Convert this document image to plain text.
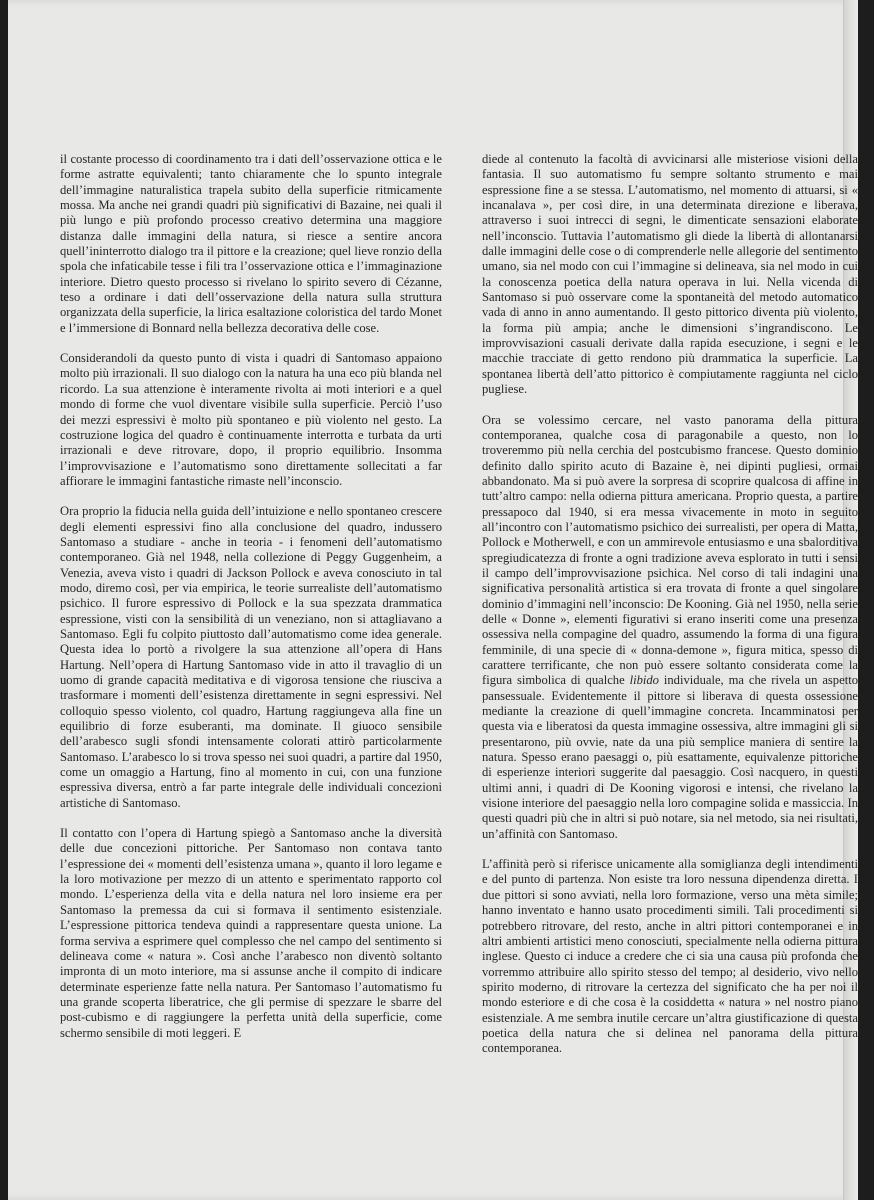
il costante processo di coordinamento tra i dati dell’osservazione ottica e le forme astratte equivalenti; tanto chiaramente che lo spunto integrale dell’immagine naturalistica trapela subito della superficie ritmicamente mossa. Ma anche nei grandi quadri più significativi di Bazaine, nei quali il più lungo e più profondo processo creativo determina una maggiore distanza dalle immagini della natura, si riesce a sentire ancora quell’ininterrotto dialogo tra il pittore e la creazione; quel lieve ronzio della spola che infaticabile tesse i fili tra l’osservazione ottica e l’immaginazione interiore. Dietro questo processo si rivelano lo spirito severo di Cézanne, teso a ordinare i dati dell’osservazione della natura sulla struttura organizzata della superficie, la lirica esaltazione coloristica del tardo Monet e l’immersione di Bonnard nella bellezza decorativa delle cose.

Considerandoli da questo punto di vista i quadri di Santomaso appaiono molto più irrazionali. Il suo dialogo con la natura ha una eco più blanda nel ricordo. La sua attenzione è interamente rivolta ai moti interiori e a quel mondo di forme che vuol diventare visibile sulla superficie. Perciò l’uso dei mezzi espressivi è molto più spontaneo e più violento nel gesto. La costruzione logica del quadro è continuamente interrotta e turbata da urti irrazionali e deve ritrovare, dopo, il proprio equilibrio. Insomma l’improvvisazione e l’automatismo sono direttamente sollecitati a far affiorare le immagini fantastiche rimaste nell’inconscio.

Ora proprio la fiducia nella guida dell’intuizione e nello spontaneo crescere degli elementi espressivi fino alla conclusione del quadro, indussero Santomaso a studiare - anche in teoria - i fenomeni dell’automatismo contemporaneo. Già nel 1948, nella collezione di Peggy Guggenheim, a Venezia, aveva visto i quadri di Jackson Pollock e aveva conosciuto in tal modo, diremo così, per via empirica, le teorie surrealiste dell’automatismo psichico. Il furore espressivo di Pollock e la sua spezzata drammatica espressione, visti con la sensibilità di un veneziano, non si attagliavano a Santomaso. Egli fu colpito piuttosto dall’automatismo come idea generale. Questa idea lo portò a rivolgere la sua attenzione all’opera di Hans Hartung. Nell’opera di Hartung Santomaso vide in atto il travaglio di un uomo di grande capacità meditativa e di vigorosa tensione che riusciva a trasformare i momenti dell’esistenza direttamente in segni espressivi. Nel colloquio spesso violento, col quadro, Hartung raggiungeva alla fine un equilibrio di forze esuberanti, ma dominate. Il giuoco sensibile dell’arabesco sugli sfondi intensamente colorati attirò particolarmente Santomaso. L’arabesco lo si trova spesso nei suoi quadri, a partire dal 1950, come un omaggio a Hartung, fino al momento in cui, con una funzione espressiva diversa, entrò a far parte integrale delle individuali concezioni artistiche di Santomaso.

Il contatto con l’opera di Hartung spiegò a Santomaso anche la diversità delle due concezioni pittoriche. Per Santomaso non contava tanto l’espressione dei « momenti dell’esistenza umana », quanto il loro legame e la loro motivazione per mezzo di un attento e sperimentato rapporto col mondo. L’esperienza della vita e della natura nel loro insieme era per Santomaso la premessa da cui si formava il sentimento esistenziale. L’espressione pittorica tendeva quindi a rappresentare questa unione. La forma serviva a esprimere quel complesso che nel campo del sentimento si delineava come « natura ». Così anche l’arabesco non diventò soltanto impronta di un moto interiore, ma si assunse anche il compito di indicare determinate esperienze fatte nella natura. Per Santomaso l’automatismo fu una grande scoperta liberatrice, che gli permise di spezzare le sbarre del post-cubismo e di raggiungere la perfetta unità della superficie, come schermo sensibile di moti leggeri. E

diede al contenuto la facoltà di avvicinarsi alle misteriose visioni della fantasia. Il suo automatismo fu sempre soltanto strumento e mai espressione fine a se stessa. L’automatismo, nel momento di attuarsi, si « incanalava », per così dire, in una determinata direzione e liberava, attraverso i suoi intrecci di segni, le dimenticate sensazioni elaborate nell’inconscio. Tuttavia l’automatismo gli diede la libertà di allontanarsi dalle immagini delle cose o di comprenderle nelle allegorie del sentimento umano, sia nel modo con cui l’immagine si delineava, sia nel modo in cui la conoscenza poetica della natura operava in lui. Nella vicenda di Santomaso si può osservare come la spontaneità del metodo automatico vada di anno in anno aumentando. Il gesto pittorico diventa più violento, la forma più ampia; anche le dimensioni s’ingrandiscono. Le improvvisazioni casuali derivate dalla rapida esecuzione, i segni e le macchie tracciate di getto rendono più drammatica la superficie. La spontanea libertà dell’atto pittorico è compiutamente raggiunta nel ciclo pugliese.

Ora se volessimo cercare, nel vasto panorama della pittura contemporanea, qualche cosa di paragonabile a questo, non lo troveremmo più nella cerchia del postcubismo francese. Questo dominio definito dallo spirito acuto di Bazaine è, nei dipinti pugliesi, ormai abbandonato. Ma si può avere la sorpresa di scoprire qualcosa di affine in tutt’altro campo: nella odierna pittura americana. Proprio questa, a partire pressapoco dal 1940, si era messa vivacemente in moto in seguito all’incontro con l’automatismo psichico dei surrealisti, per opera di Matta, Pollock e Motherwell, e con un ammirevole entusiasmo e una sbalorditiva spregiudicatezza di fronte a ogni tradizione aveva esplorato in tutti i sensi il campo dell’improvvisazione psichica. Nel corso di tali indagini una significativa personalità artistica si era trovata di fronte a quel singolare dominio d’immagini nell’inconscio: De Kooning. Già nel 1950, nella serie delle « Donne », elementi figurativi si erano inseriti come una presenza ossessiva nella compagine del quadro, assumendo la forma di una figura femminile, di una specie di « donna-demone », figura mitica, spesso di carattere terrificante, che non può essere soltanto considerata come la figura simbolica di qualche libido individuale, ma che rivela un aspetto pansessuale. Evidentemente il pittore si liberava di questa ossessione mediante la creazione di quell’immagine concreta. Incamminatosi per questa via e liberatosi da questa immagine ossessiva, altre immagini gli si presentarono, più ovvie, nate da una più semplice maniera di sentire la natura. Spesso erano paesaggi o, più esattamente, equivalenze pittoriche di esperienze interiori suggerite dal paesaggio. Così nacquero, in questi ultimi anni, i quadri di De Kooning vigorosi e intensi, che rivelano la visione interiore del paesaggio nella loro compagine solida e massiccia. In questi quadri più che in altri si può notare, sia nel metodo, sia nei risultati, un’affinità con Santomaso.

L’affinità però si riferisce unicamente alla somiglianza degli intendimenti e del punto di partenza. Non esiste tra loro nessuna dipendenza diretta. I due pittori si sono avviati, nella loro formazione, verso una mèta simile; hanno inventato e hanno usato procedimenti simili. Tali procedimenti si potrebbero ritrovare, del resto, anche in altri pittori contemporanei e in altri ambienti artistici meno conosciuti, specialmente nella odierna pittura inglese. Questo ci induce a credere che ci sia una causa più profonda che vorremmo attribuire allo spirito stesso del tempo; al desiderio, vivo nello spirito moderno, di ritrovare la certezza del significato che ha per noi il mondo esteriore e di che cosa è la cosiddetta « natura » nel nostro piano esistenziale. A me sembra inutile cercare un’altra giustificazione di questa poetica della natura che si delinea nel panorama della pittura contemporanea.
